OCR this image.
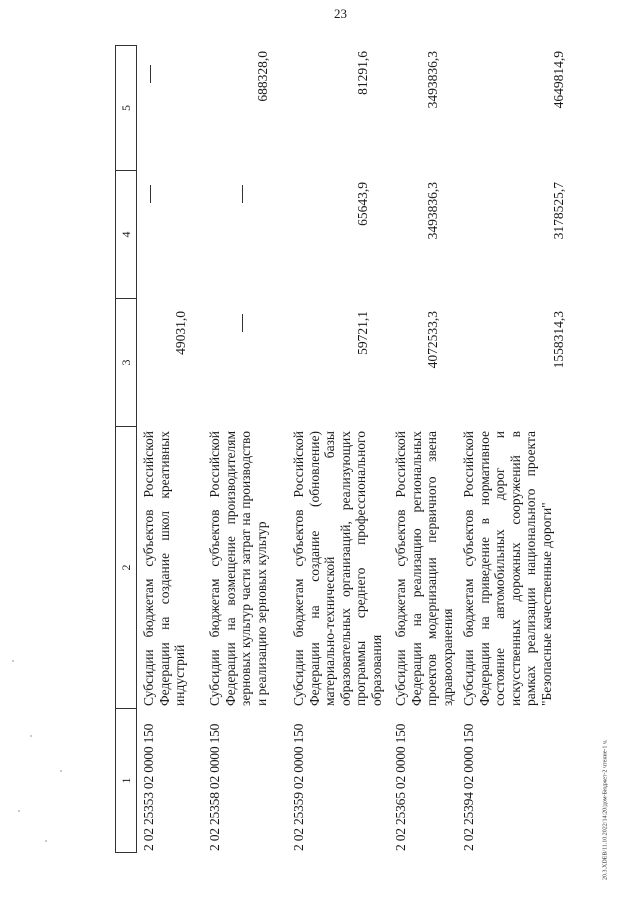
23
1
2
3
4
5
2 02 25353 02 0000 150
Субсидии бюджетам субъектов Российской Федерации на создание школ креативных индустрий
49031,0
2 02 25358 02 0000 150
Субсидии бюджетам субъектов Российской Федерации на возмещение производителям зерновых культур части затрат на производство и реализацию зерновых культур
688328,0
2 02 25359 02 0000 150
Субсидии бюджетам субъектов Российской Федерации на создание (обновление) материально-технической базы образовательных организаций, реализующих программы среднего профессионального образования
59721,1
65643,9
81291,6
2 02 25365 02 0000 150
Субсидии бюджетам субъектов Российской Федерации на реализацию региональных проектов модернизации первичного звена здравоохранения
4072533,3
3493836,3
3493836,3
2 02 25394 02 0000 150
Субсидии бюджетам субъектов Российской Федерации на приведение в нормативное состояние автомобильных дорог и искусственных дорожных сооружений в рамках реализации национального проекта "Безопасные качественные дороги"
1558314,3
3178525,7
4649814,9
20.3.XDEB/11.10.2022/14:20/дом-Бюджет-2 чтение-1 ч.
